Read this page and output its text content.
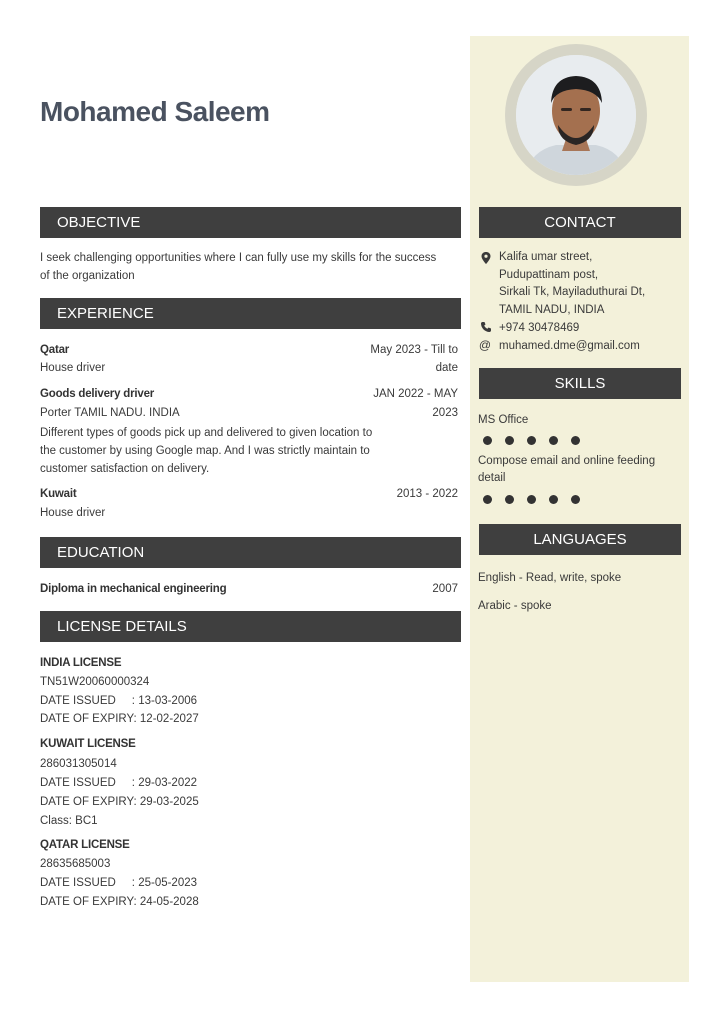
Mohamed Saleem
OBJECTIVE
I seek challenging opportunities where I can fully use my skills for the success
of the organization
EXPERIENCE
Qatar
House driver
May 2023 - Till to
date
Goods delivery driver
Porter TAMIL NADU. INDIA
JAN 2022 - MAY
2023
Different types of goods pick up and delivered to given location to
the customer by using Google map. And I was strictly maintain to
customer satisfaction on delivery.
Kuwait
House driver
2013 - 2022
EDUCATION
Diploma in mechanical engineering	2007
LICENSE DETAILS
INDIA LICENSE
TN51W20060000324
DATE ISSUED     : 13-03-2006
DATE OF EXPIRY: 12-02-2027
KUWAIT LICENSE
286031305014
DATE ISSUED     : 29-03-2022
DATE OF EXPIRY: 29-03-2025
Class: BC1
QATAR LICENSE
28635685003
DATE ISSUED     : 25-05-2023
DATE OF EXPIRY: 24-05-2028
CONTACT
Kalifa umar street,
Pudupattinam post,
Sirkali Tk, Mayiladuthurai Dt,
TAMIL NADU, INDIA
+974 30478469
@ muhamed.dme@gmail.com
SKILLS
MS Office
Compose email and online feeding
detail
LANGUAGES
English - Read, write, spoke
Arabic - spoke
